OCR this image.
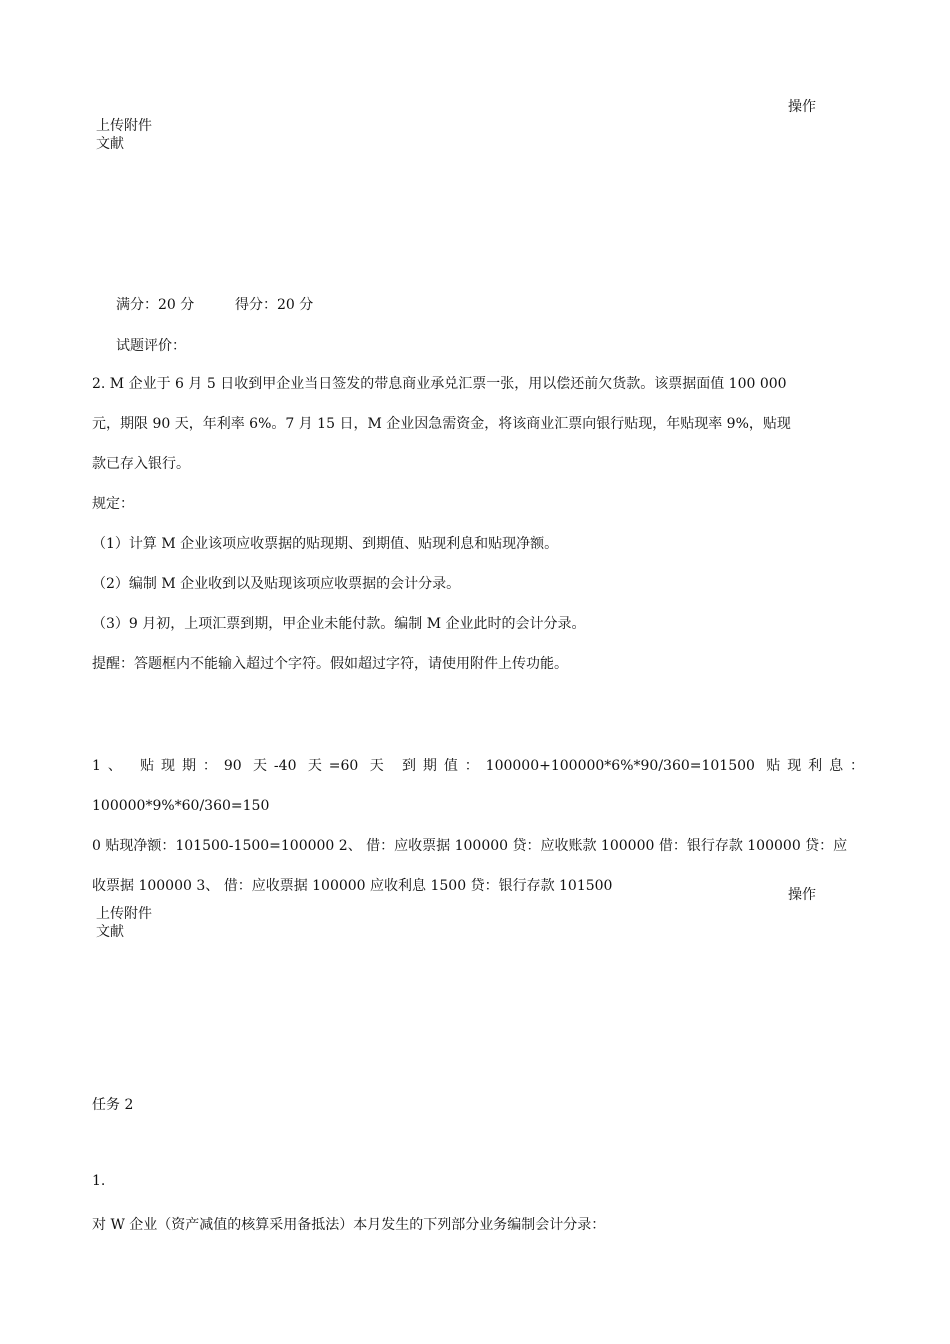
操作
上传附件
文献
满分：20 分	得分：20 分
试题评价：
2. M 企业于 6 月 5 日收到甲企业当日签发的带息商业承兑汇票一张，用以偿还前欠货款。该票据面值 100 000
元，期限 90 天，年利率 6%。7 月 15 日，M 企业因急需资金，将该商业汇票向银行贴现，年贴现率 9%，贴现
款已存入银行。
规定：
（1）计算 M 企业该项应收票据的贴现期、到期值、贴现利息和贴现净额。
（2）编制 M 企业收到以及贴现该项应收票据的会计分录。
（3）9 月初，上项汇票到期，甲企业未能付款。编制 M 企业此时的会计分录。
提醒：答题框内不能输入超过个字符。假如超过字符，请使用附件上传功能。
1、 贴现期：90 天-40 天=60 天 到期值：100000+100000*6%*90/360=101500 贴现利息：100000*9%*60/360=150
0 贴现净额：101500-1500=100000 2、 借：应收票据 100000 贷：应收账款 100000 借：银行存款 100000 贷：应
收票据 100000 3、 借：应收票据 100000 应收利息 1500 贷：银行存款 101500
操作
上传附件
文献
任务 2
1.
对 W 企业（资产减值的核算采用备抵法）本月发生的下列部分业务编制会计分录：
